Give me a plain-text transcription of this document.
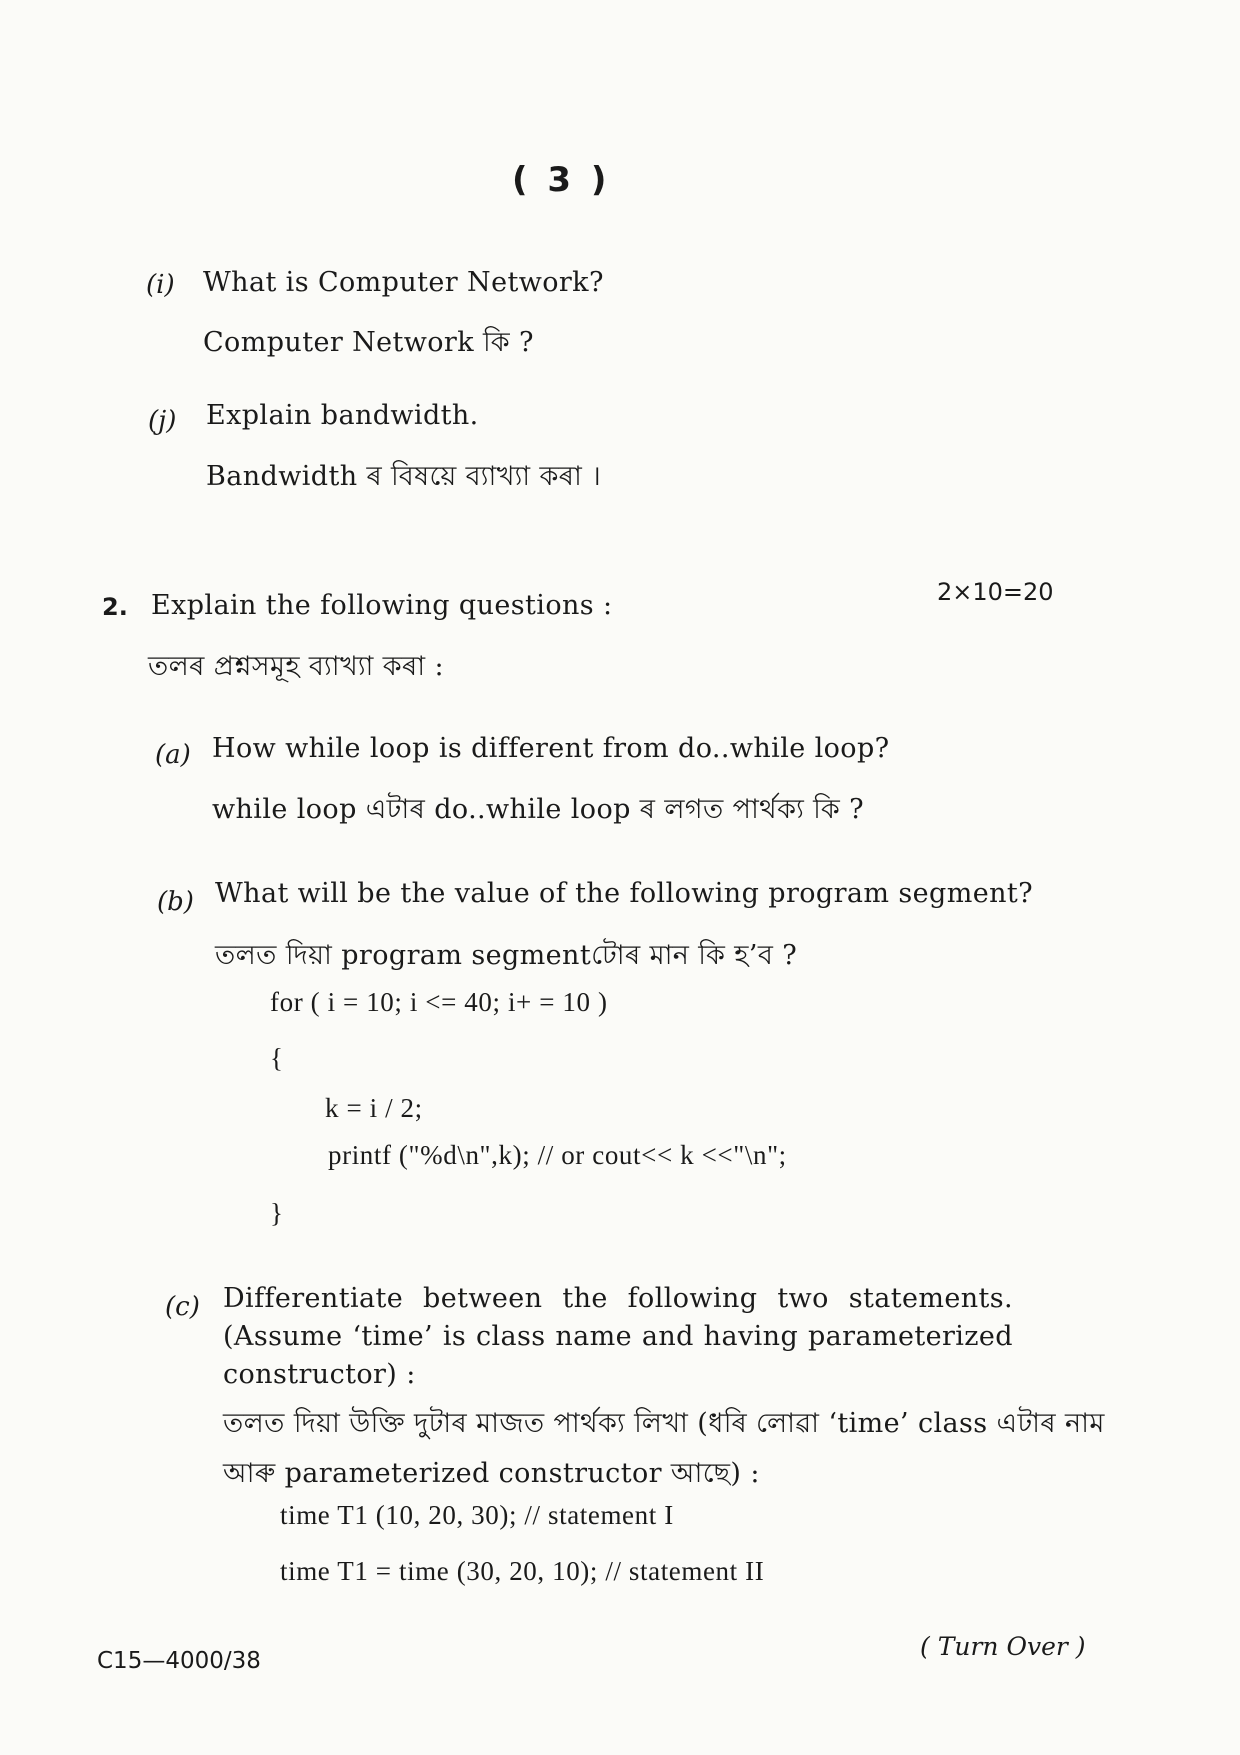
( 3 )
(i) What is Computer Network?
Computer Network কি ?
(j) Explain bandwidth.
Bandwidth ৰ বিষয়ে ব্যাখ্যা কৰা ।
2. Explain the following questions :	2×10=20
তলৰ প্ৰশ্নসমূহ ব্যাখ্যা কৰা :
(a) How while loop is different from do..while loop?
while loop এটাৰ do..while loop ৰ লগত পাৰ্থক্য কি ?
(b) What will be the value of the following program segment?
তলত দিয়া program segmentটোৰ মান কি হ’ব ?
for ( i = 10; i <= 40; i+ = 10 )
{
k = i / 2;
printf ("%d\n",k); // or cout<< k <<"\n";
}
(c) Differentiate between the following two statements. (Assume ‘time’ is class name and having parameterized constructor) :
তলত দিয়া উক্তি দুটাৰ মাজত পাৰ্থক্য লিখা (ধৰি লোৱা ‘time’ class এটাৰ নাম
আৰু parameterized constructor আছে) :
time T1 (10, 20, 30); // statement I
time T1 = time (30, 20, 10); // statement II
C15—4000/38	( Turn Over )
